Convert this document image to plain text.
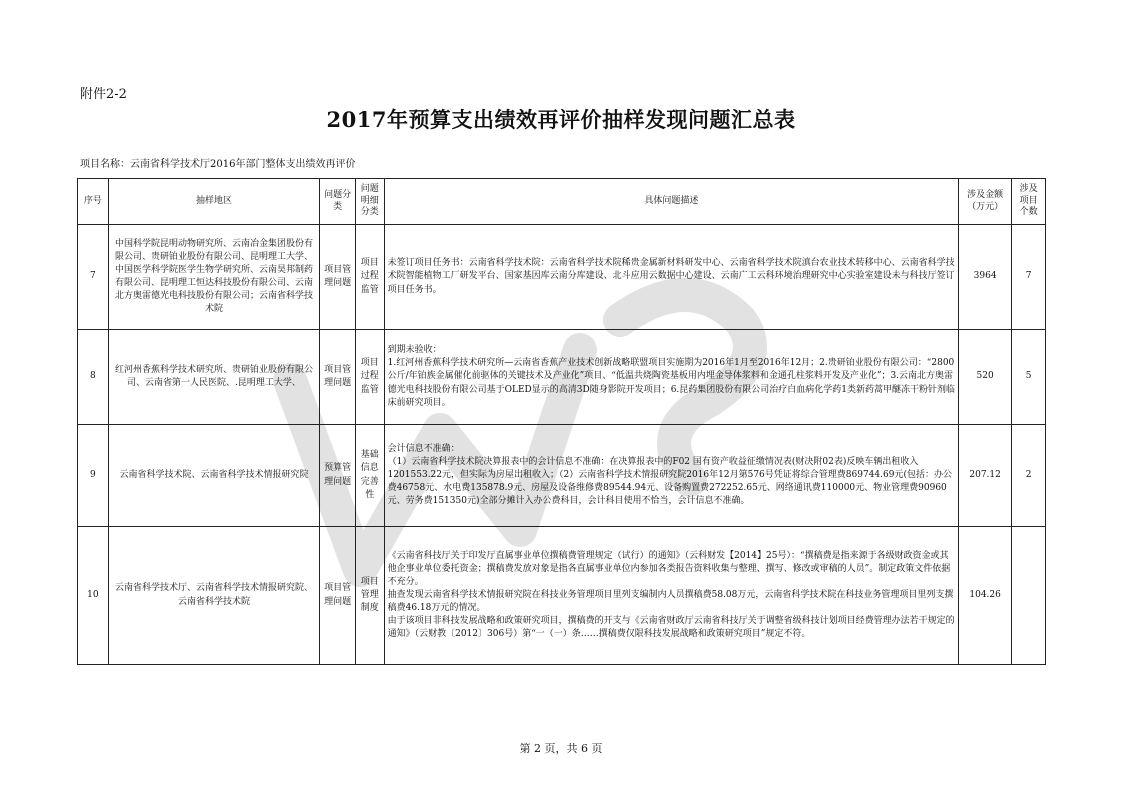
附件2-2
2017年预算支出绩效再评价抽样发现问题汇总表
项目名称：云南省科学技术厅2016年部门整体支出绩效再评价
序号	抽样地区	问题分类	问题明细分类	具体问题描述	涉及金额（万元）	涉及项目个数
7	中国科学院昆明动物研究所、云南冶金集团股份有限公司、贵研铂业股份有限公司、昆明理工大学、中国医学科学院医学生物学研究所、云南昊邦制药有限公司、昆明理工恒达科技股份有限公司、云南北方奥雷德光电科技股份有限公司；云南省科学技术院	项目管理问题	项目过程监管	未签订项目任务书：云南省科学技术院：云南省科学技术院稀贵金属新材料研发中心、云南省科学技术院滇台农业技术转移中心、云南省科学技术院智能植物工厂研发平台、国家基因库云南分库建设、北斗应用云数据中心建设、云南广工云科环境治理研究中心实验室建设未与科技厅签订项目任务书。	3964	7
8	红河州香蕉科学技术研究所、贵研铂业股份有限公司、云南省第一人民医院、.昆明理工大学、	项目管理问题	项目过程监管	到期未验收：

1.红河州香蕉科学技术研究所—云南省香蕉产业技术创新战略联盟项目实施期为2016年1月至2016年12月；2.贵研铂业股份有限公司：“2800公斤/年铂族金属催化前驱体的关键技术及产业化”项目、“低温共烧陶瓷基板用内埋金导体浆料和金通孔柱浆料开发及产业化”；3.云南北方奥雷德光电科技股份有限公司基于OLED显示的高清3D随身影院开发项目；6.昆药集团股份有限公司治疗白血病化学药1类新药蒿甲醚冻干粉针剂临床前研究项目。	520	5
9	云南省科学技术院、云南省科学技术情报研究院	预算管理问题	基础信息完善性	会计信息不准确：

（1）云南省科学技术院决算报表中的会计信息不准确：在决算报表中的F02 国有资产收益征缴情况表(财决附02表)反映车辆出租收入1201553.22元，但实际为房屋出租收入；（2）云南省科学技术情报研究院2016年12月第576号凭证将综合管理费869744.69元(包括：办公费46758元、水电费135878.9元、房屋及设备维修费89544.94元、设备购置费272252.65元、网络通讯费110000元、物业管理费90960元、劳务费151350元)全部分摊计入办公费科目，会计科目使用不恰当，会计信息不准确。	207.12	2
10	云南省科学技术厅、云南省科学技术情报研究院、云南省科学技术院	项目管理问题	项目管理制度	《云南省科技厅关于印发厅直属事业单位撰稿费管理规定（试行）的通知》（云科财发【2014】25号）：“撰稿费是指来源于各级财政资金或其他企事业单位委托资金；撰稿费发放对象是指各直属事业单位内参加各类报告资料收集与整理、撰写、修改或审稿的人员”。制定政策文件依据不充分。

抽查发现云南省科学技术情报研究院在科技业务管理项目里列支编制内人员撰稿费58.08万元，云南省科学技术院在科技业务管理项目里列支撰稿费46.18万元的情况。

由于该项目非科技发展战略和政策研究项目，撰稿费的开支与《云南省财政厅云南省科技厅关于调整省级科技计划项目经费管理办法若干规定的通知》（云财教〔2012〕306号）第“一（一）条……撰稿费仅限科技发展战略和政策研究项目”规定不符。	104.26	
第 2 页，共 6 页
